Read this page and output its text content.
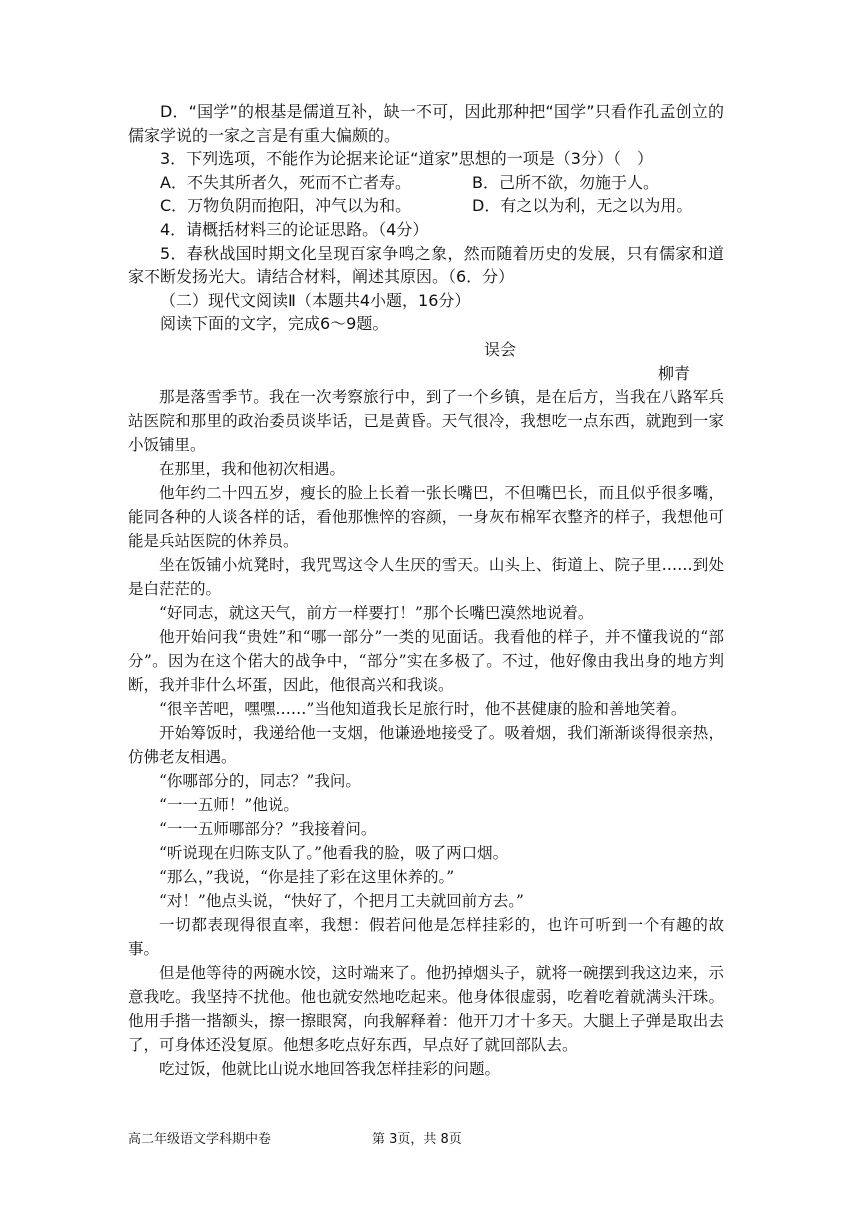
D．“国学”的根基是儒道互补，缺一不可，因此那种把“国学”只看作孔孟创立的儒家学说的一家之言是有重大偏颇的。

3．下列选项，不能作为论据来论证“道家”思想的一项是（3分）（　）

A．不失其所者久，死而不亡者寿。	B．己所不欲，勿施于人。
C．万物负阴而抱阳，冲气以为和。	D．有之以为利，无之以为用。

4．请概括材料三的论证思路。（4分）

5．春秋战国时期文化呈现百家争鸣之象，然而随着历史的发展，只有儒家和道家不断发扬光大。请结合材料，阐述其原因。（6．分）

（二）现代文阅读Ⅱ（本题共4小题，16分）

阅读下面的文字，完成6～9题。

误会

柳青

那是落雪季节。我在一次考察旅行中，到了一个乡镇，是在后方，当我在八路军兵站医院和那里的政治委员谈毕话，已是黄昏。天气很冷，我想吃一点东西，就跑到一家小饭铺里。

在那里，我和他初次相遇。

他年约二十四五岁，瘦长的脸上长着一张长嘴巴，不但嘴巴长，而且似乎很多嘴，能同各种的人谈各样的话，看他那憔悴的容颜，一身灰布棉军衣整齐的样子，我想他可能是兵站医院的休养员。

坐在饭铺小炕凳时，我咒骂这令人生厌的雪天。山头上、街道上、院子里……到处是白茫茫的。

“好同志，就这天气，前方一样要打！”那个长嘴巴漠然地说着。

他开始问我“贵姓”和“哪一部分”一类的见面话。我看他的样子，并不懂我说的“部分”。因为在这个偌大的战争中，“部分”实在多极了。不过，他好像由我出身的地方判断，我并非什么坏蛋，因此，他很高兴和我谈。

“很辛苦吧，嘿嘿……”当他知道我长足旅行时，他不甚健康的脸和善地笑着。

开始筹饭时，我递给他一支烟，他谦逊地接受了。吸着烟，我们渐渐谈得很亲热，仿佛老友相遇。

“你哪部分的，同志？”我问。

“一一五师！”他说。

“一一五师哪部分？”我接着问。

“听说现在归陈支队了。”他看我的脸，吸了两口烟。

“那么，”我说，“你是挂了彩在这里休养的。”

“对！”他点头说，“快好了，个把月工夫就回前方去。”

一切都表现得很直率，我想：假若问他是怎样挂彩的，也许可听到一个有趣的故事。

但是他等待的两碗水饺，这时端来了。他扔掉烟头子，就将一碗摆到我这边来，示意我吃。我坚持不扰他。他也就安然地吃起来。他身体很虚弱，吃着吃着就满头汗珠。他用手揩一揩额头，擦一擦眼窝，向我解释着：他开刀才十多天。大腿上子弹是取出去了，可身体还没复原。他想多吃点好东西，早点好了就回部队去。

吃过饭，他就比山说水地回答我怎样挂彩的问题。

高二年级语文学科期中卷	第 3页，共 8页
